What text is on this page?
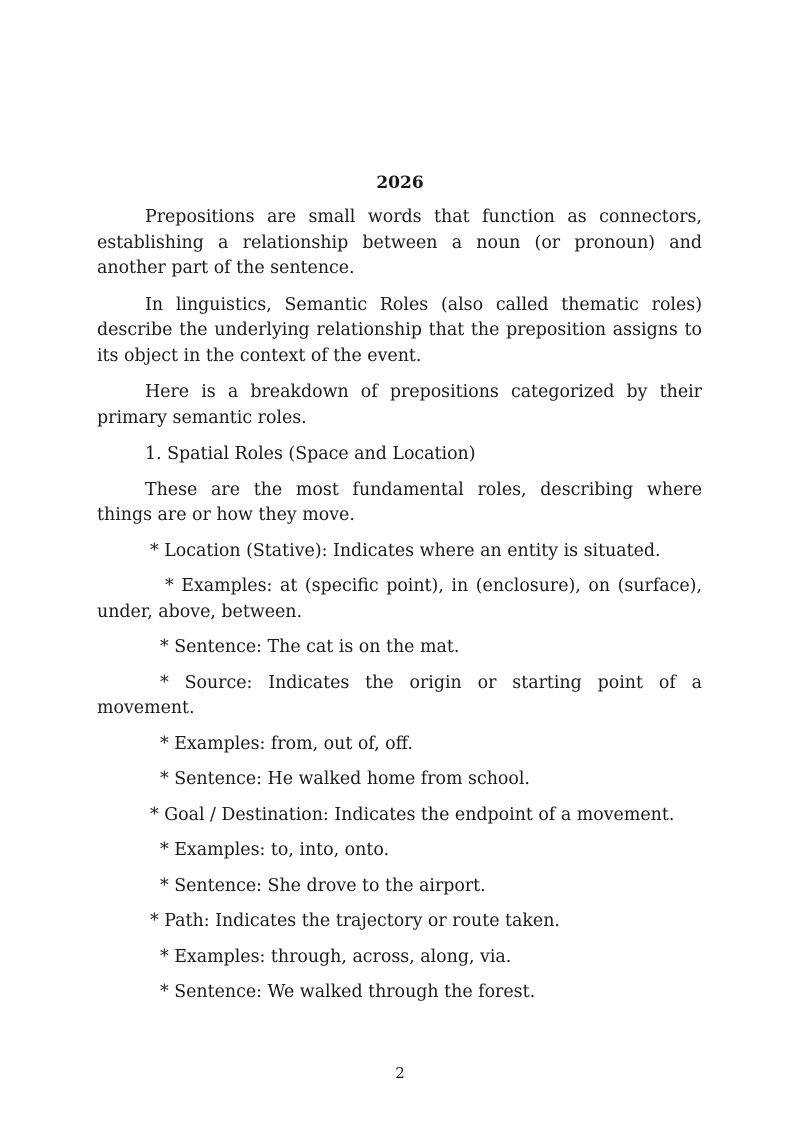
2026

Prepositions are small words that function as connectors, establishing a relationship between a noun (or pronoun) and another part of the sentence.

In linguistics, Semantic Roles (also called thematic roles) describe the underlying relationship that the preposition assigns to its object in the context of the event.

Here is a breakdown of prepositions categorized by their primary semantic roles.

1. Spatial Roles (Space and Location)

These are the most fundamental roles, describing where things are or how they move.

* Location (Stative): Indicates where an entity is situated.

* Examples: at (specific point), in (enclosure), on (surface), under, above, between.

* Sentence: The cat is on the mat.

* Source: Indicates the origin or starting point of a movement.

* Examples: from, out of, off.

* Sentence: He walked home from school.

* Goal / Destination: Indicates the endpoint of a movement.

* Examples: to, into, onto.

* Sentence: She drove to the airport.

* Path: Indicates the trajectory or route taken.

* Examples: through, across, along, via.

* Sentence: We walked through the forest.

2
